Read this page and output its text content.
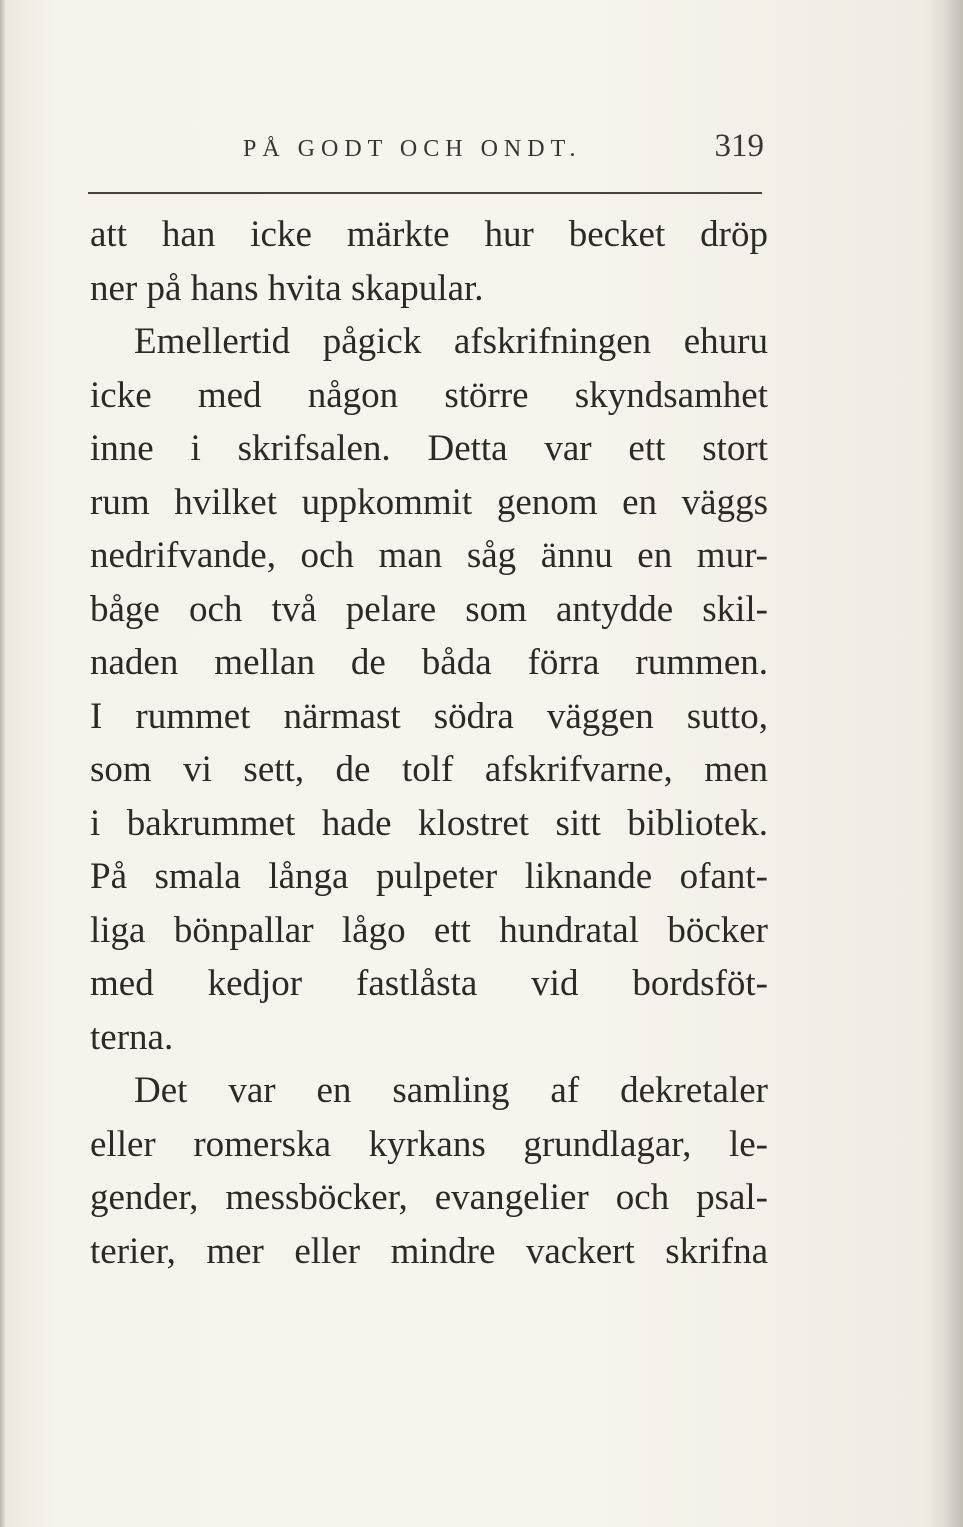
PÅ GODT OCH ONDT.	319
att han icke märkte hur becket dröp
ner på hans hvita skapular.
Emellertid pågick afskrifningen ehuru
icke med någon större skyndsamhet
inne i skrifsalen. Detta var ett stort
rum hvilket uppkommit genom en väggs
nedrifvande, och man såg ännu en mur-
båge och två pelare som antydde skil-
naden mellan de båda förra rummen.
I rummet närmast södra väggen sutto,
som vi sett, de tolf afskrifvarne, men
i bakrummet hade klostret sitt bibliotek.
På smala långa pulpeter liknande ofant-
liga bönpallar lågo ett hundratal böcker
med kedjor fastlåsta vid bordsföt-
terna.
Det var en samling af dekretaler
eller romerska kyrkans grundlagar, le-
gender, messböcker, evangelier och psal-
terier, mer eller mindre vackert skrifna
